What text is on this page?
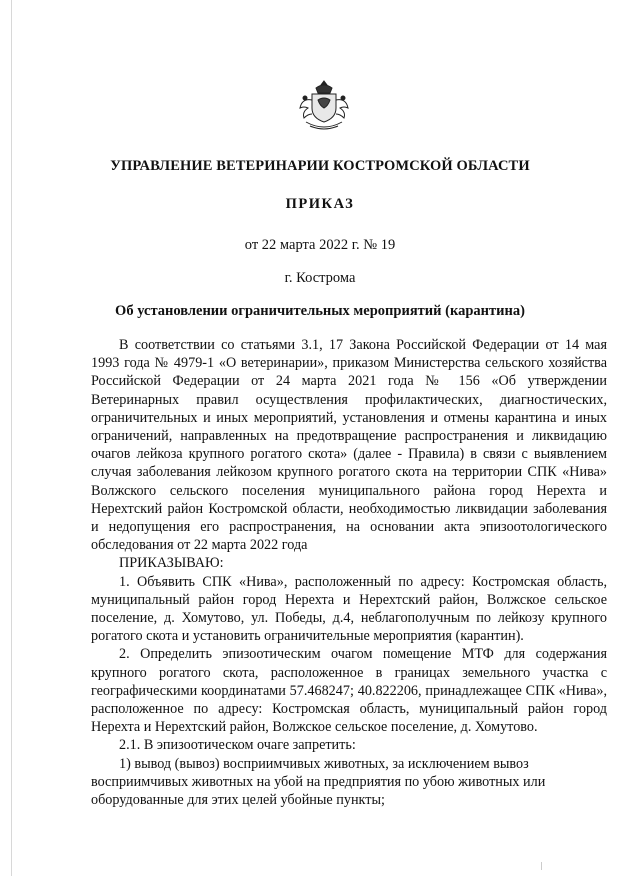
УПРАВЛЕНИЕ ВЕТЕРИНАРИИ КОСТРОМСКОЙ ОБЛАСТИ
ПРИКАЗ
от 22 марта 2022 г. № 19
г. Кострома
Об установлении ограничительных мероприятий (карантина)

В соответствии со статьями 3.1, 17 Закона Российской Федерации от 14 мая 1993 года № 4979-1 «О ветеринарии», приказом Министерства сельского хозяйства Российской Федерации от 24 марта 2021 года № 156 «Об утверждении Ветеринарных правил осуществления профилактических, диагностических, ограничительных и иных мероприятий, установления и отмены карантина и иных ограничений, направленных на предотвращение распространения и ликвидацию очагов лейкоза крупного рогатого скота» (далее - Правила) в связи с выявлением случая заболевания лейкозом крупного рогатого скота на территории СПК «Нива» Волжского сельского поселения муниципального района город Нерехта и Нерехтский район Костромской области, необходимостью ликвидации заболевания и недопущения его распространения, на основании акта эпизоотологического обследования от 22 марта 2022 года

ПРИКАЗЫВАЮ:

1. Объявить СПК «Нива», расположенный по адресу: Костромская область, муниципальный район город Нерехта и Нерехтский район, Волжское сельское поселение, д. Хомутово, ул. Победы, д.4, неблагополучным по лейкозу крупного рогатого скота и установить ограничительные мероприятия (карантин).

2. Определить эпизоотическим очагом помещение МТФ для содержания крупного рогатого скота, расположенное в границах земельного участка с географическими координатами 57.468247; 40.822206, принадлежащее СПК «Нива», расположенное по адресу: Костромская область, муниципальный район город Нерехта и Нерехтский район, Волжское сельское поселение, д. Хомутово.

2.1. В эпизоотическом очаге запретить:

1) вывод (вывоз) восприимчивых животных, за исключением вывоз

восприимчивых животных на убой на предприятия по убою животных или

оборудованные для этих целей убойные пункты;
